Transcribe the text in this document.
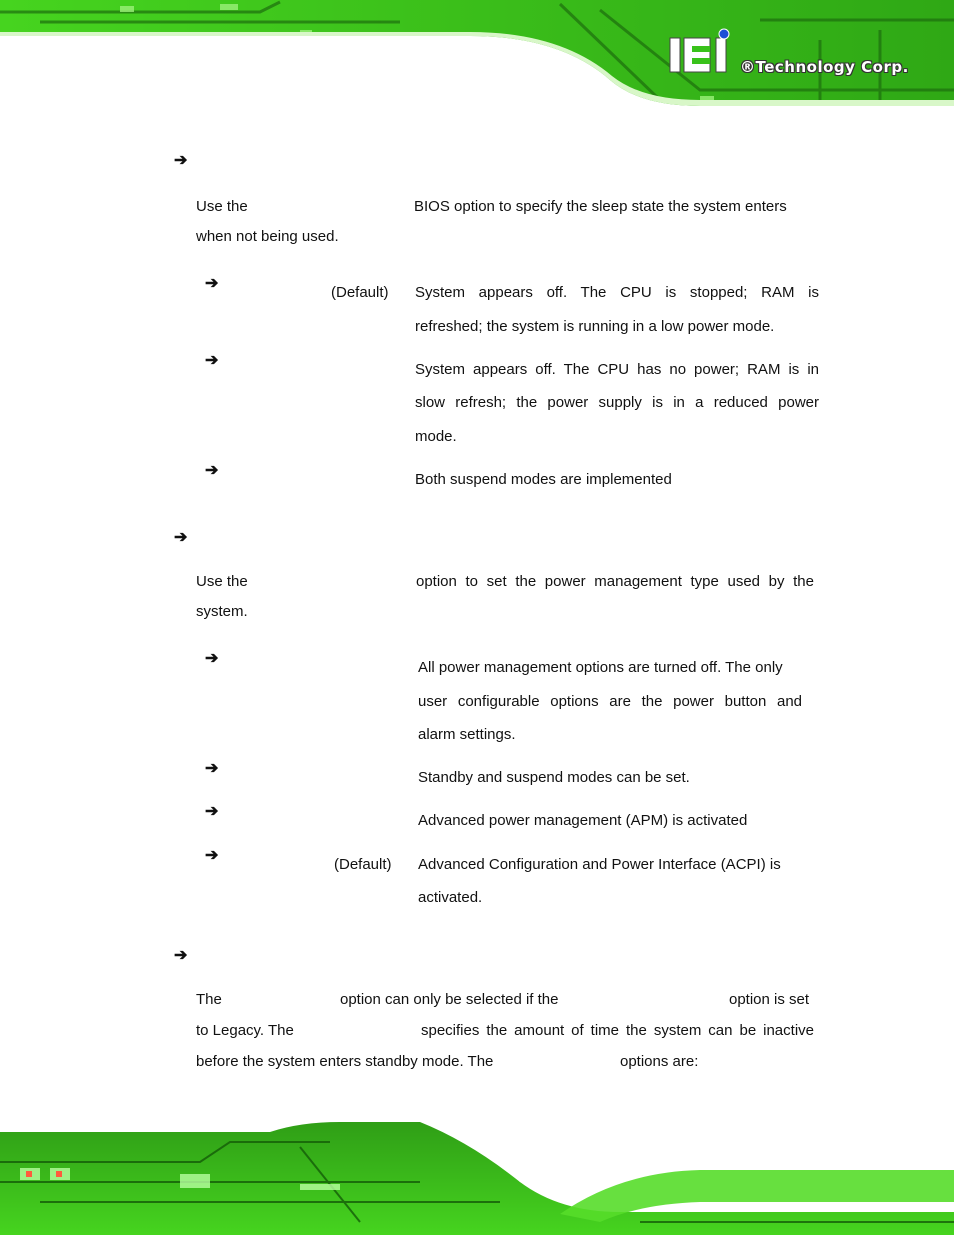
®Technology Corp.
➔
Use the	BIOS option to specify the sleep state the system enters
when not being used.
➔
(Default) System appears off. The CPU is stopped; RAM is
refreshed; the system is running in a low power mode.
➔
System appears off. The CPU has no power; RAM is in
slow refresh; the power supply is in a reduced power
mode.
➔
Both suspend modes are implemented
➔
Use the	option to set the power management type used by the
system.
➔
All power management options are turned off. The only
user configurable options are the power button and
alarm settings.
➔
Standby and suspend modes can be set.
➔
Advanced power management (APM) is activated
➔
(Default) Advanced Configuration and Power Interface (ACPI) is
activated.
➔
The	option can only be selected if the	option is set
to Legacy. The	specifies the amount of time the system can be inactive
before the system enters standby mode. The	options are:
